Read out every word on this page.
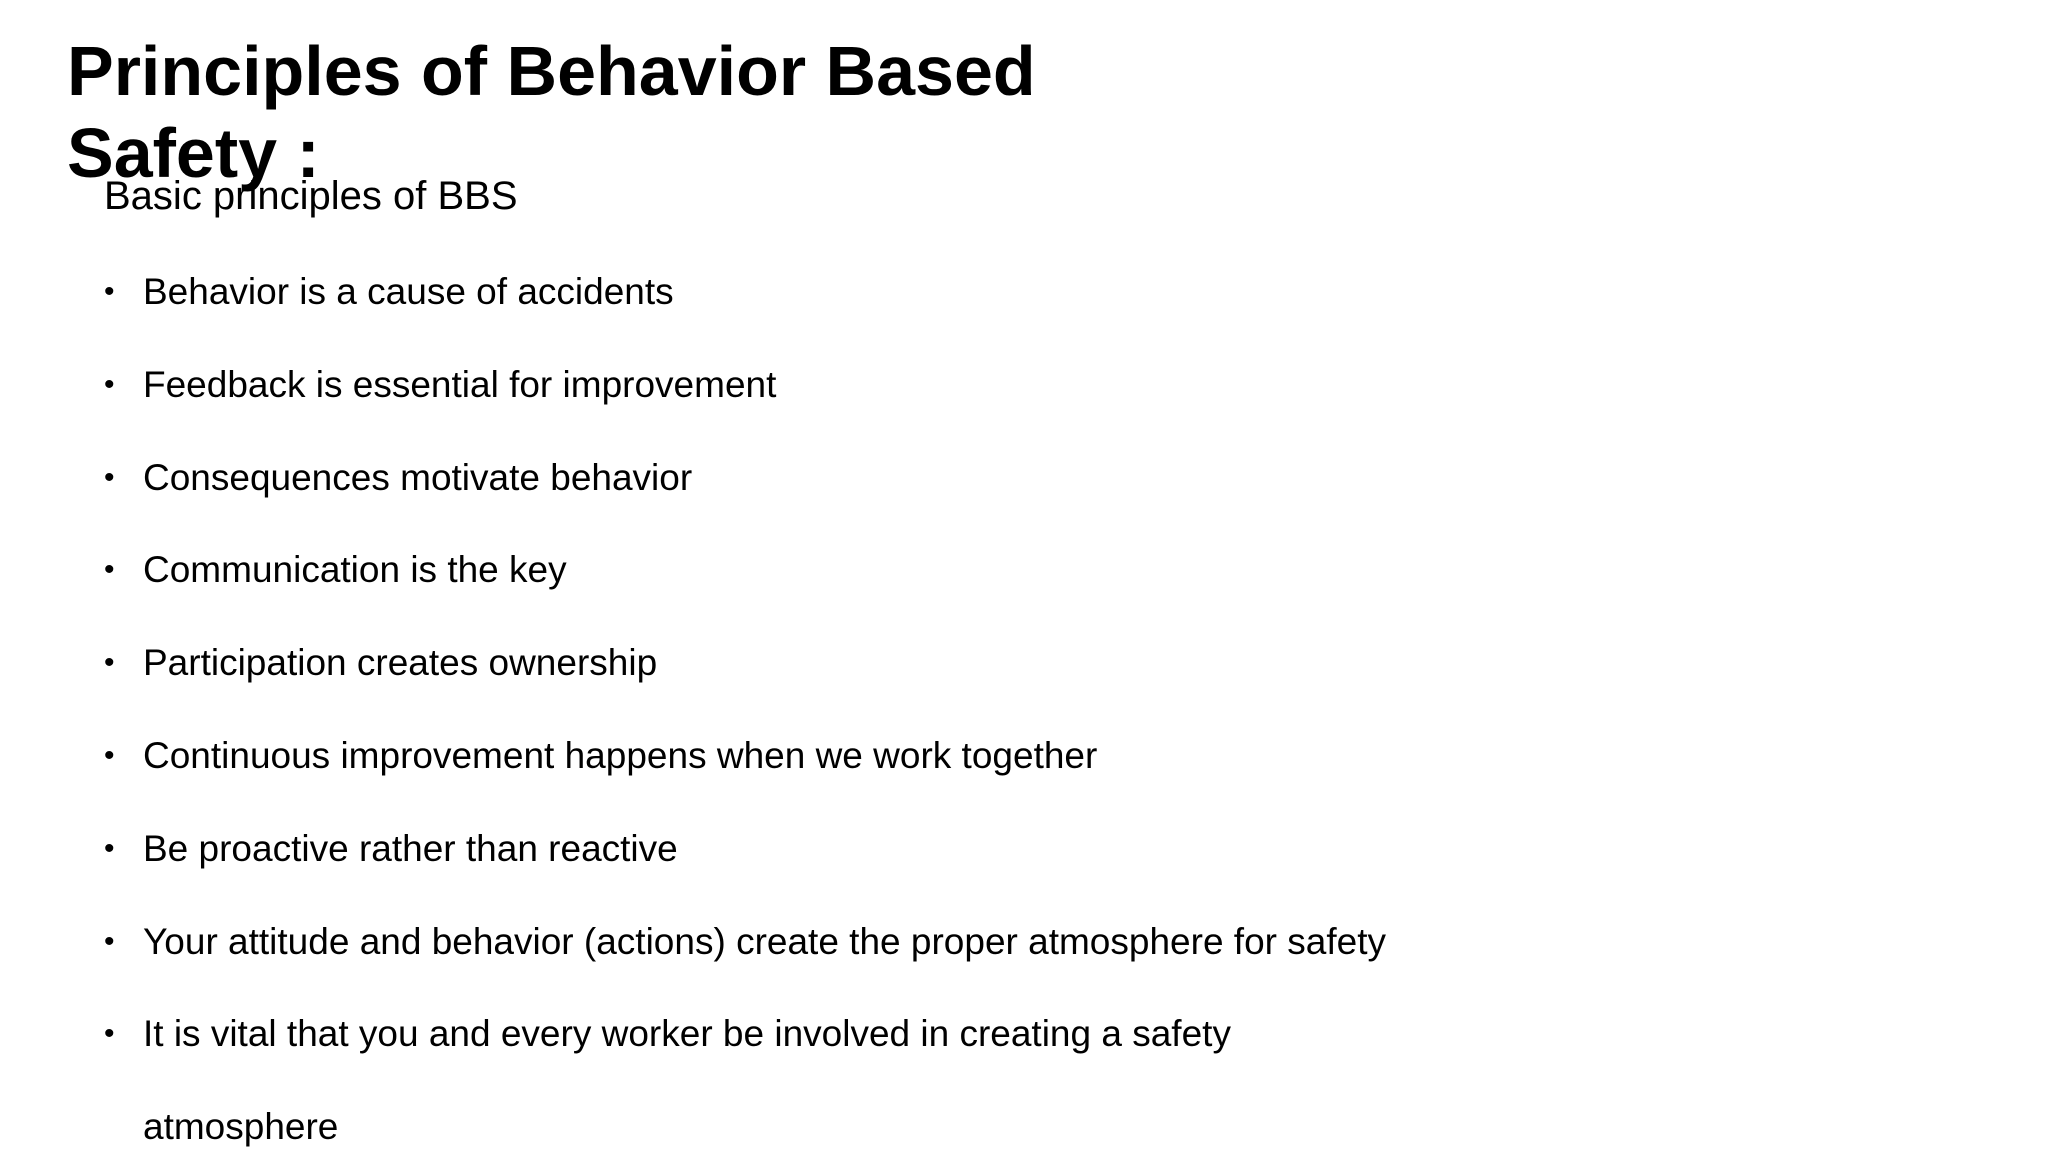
Principles of Behavior Based
Safety :

Basic principles of BBS

• Behavior is a cause of accidents
• Feedback is essential for improvement
• Consequences motivate behavior
• Communication is the key
• Participation creates ownership
• Continuous improvement happens when we work together
• Be proactive rather than reactive
• Your attitude and behavior (actions) create the proper atmosphere for safety
• It is vital that you and every worker be involved in creating a safety
atmosphere
